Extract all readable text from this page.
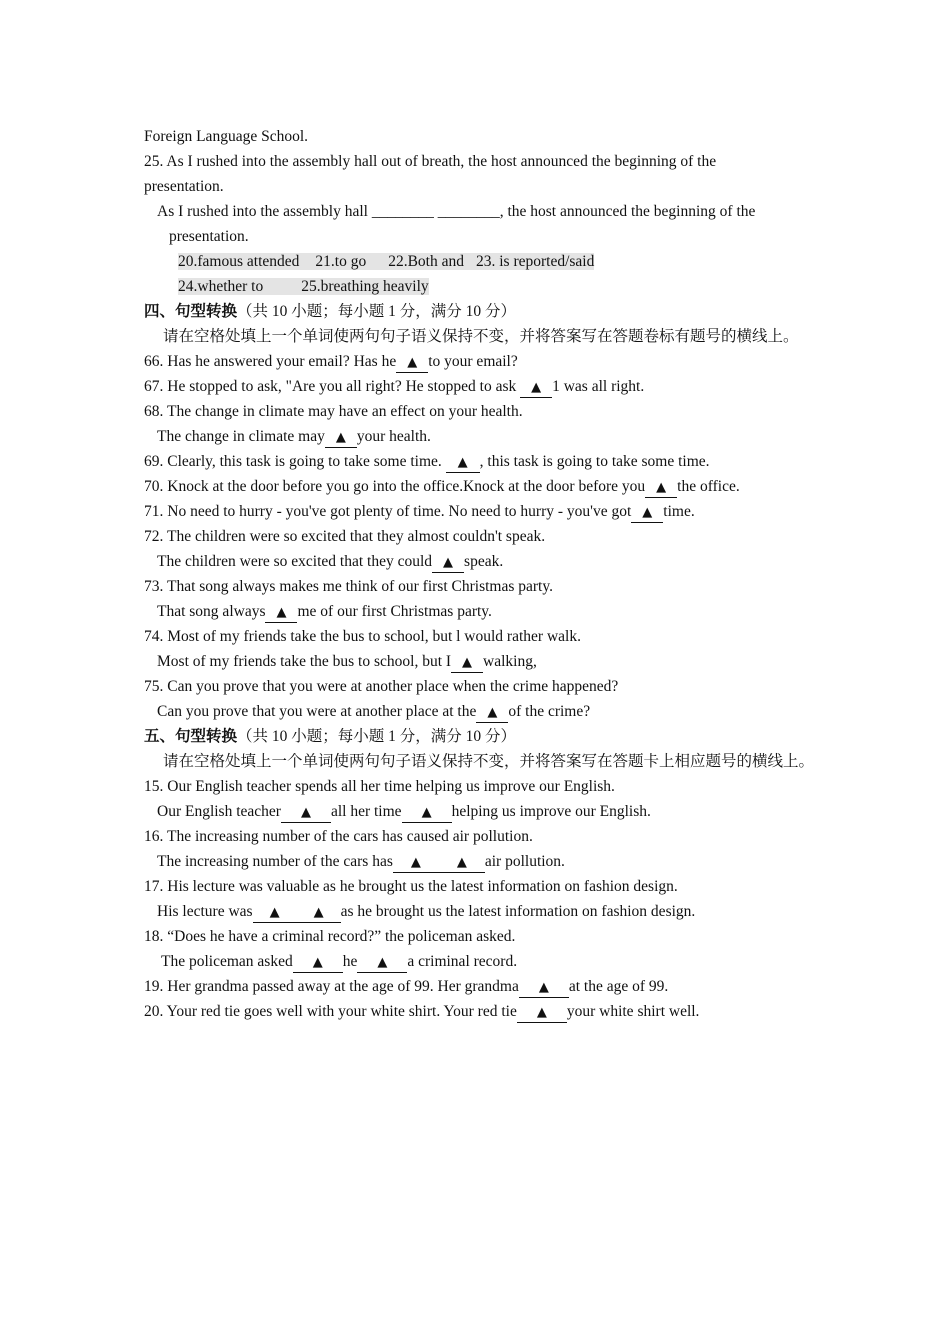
Foreign Language School.
25. As I rushed into the assembly hall out of breath, the host announced the beginning of the
presentation.
As I rushed into the assembly hall ________ ________, the host announced the beginning of the
presentation.
20.famous attended 21.to go 22.Both and 23. is reported/said
24.whether to 25.breathing heavily
四、句型转换（共 10 小题；每小题 1 分，满分 10 分）
请在空格处填上一个单词使两句句子语义保持不变，并将答案写在答题卷标有题号的横线上。
66. Has he answered your email? Has he ▲ to your email?
67. He stopped to ask, "Are you all right? He stopped to ask ▲ 1 was all right.
68. The change in climate may have an effect on your health.
The change in climate may ▲ your health.
69. Clearly, this task is going to take some time. ▲ , this task is going to take some time.
70. Knock at the door before you go into the office.Knock at the door before you ▲ the office.
71. No need to hurry - you've got plenty of time. No need to hurry - you've got ▲ time.
72. The children were so excited that they almost couldn't speak.
The children were so excited that they could ▲ speak.
73. That song always makes me think of our first Christmas party.
That song always ▲ me of our first Christmas party.
74. Most of my friends take the bus to school, but l would rather walk.
Most of my friends take the bus to school, but I ▲ walking,
75. Can you prove that you were at another place when the crime happened?
Can you prove that you were at another place at the ▲ of the crime?
五、句型转换（共 10 小题；每小题 1 分，满分 10 分）
请在空格处填上一个单词使两句句子语义保持不变，并将答案写在答题卡上相应题号的横线上。
15. Our English teacher spends all her time helping us improve our English.
Our English teacher ▲ all her time ▲ helping us improve our English.
16. The increasing number of the cars has caused air pollution.
The increasing number of the cars has ▲	▲ air pollution.
17. His lecture was valuable as he brought us the latest information on fashion design.
His lecture was ▲	▲ as he brought us the latest information on fashion design.
18. “Does he have a criminal record?” the policeman asked.
The policeman asked ▲ he ▲ a criminal record.
19. Her grandma passed away at the age of 99. Her grandma ▲ at the age of 99.
20. Your red tie goes well with your white shirt. Your red tie ▲ your white shirt well.
